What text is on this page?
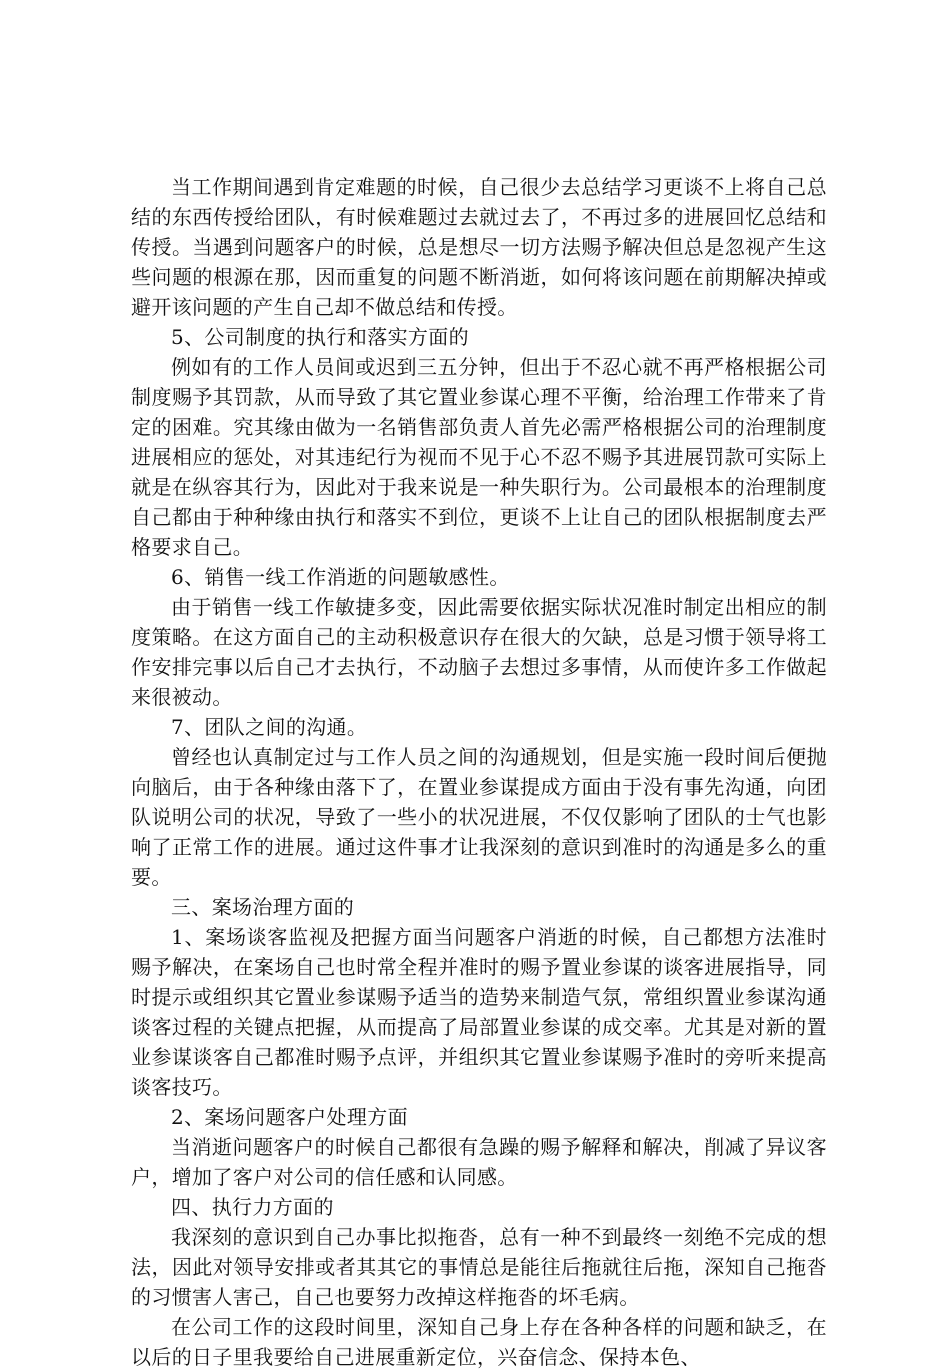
当工作期间遇到肯定难题的时候，自己很少去总结学习更谈不上将自己总结的东西传授给团队，有时候难题过去就过去了，不再过多的进展回忆总结和传授。当遇到问题客户的时候，总是想尽一切方法赐予解决但总是忽视产生这些问题的根源在那，因而重复的问题不断消逝，如何将该问题在前期解决掉或避开该问题的产生自己却不做总结和传授。

5、公司制度的执行和落实方面的

例如有的工作人员间或迟到三五分钟，但出于不忍心就不再严格根据公司制度赐予其罚款，从而导致了其它置业参谋心理不平衡，给治理工作带来了肯定的困难。究其缘由做为一名销售部负责人首先必需严格根据公司的治理制度进展相应的惩处，对其违纪行为视而不见于心不忍不赐予其进展罚款可实际上就是在纵容其行为，因此对于我来说是一种失职行为。公司最根本的治理制度自己都由于种种缘由执行和落实不到位，更谈不上让自己的团队根据制度去严格要求自己。

6、销售一线工作消逝的问题敏感性。

由于销售一线工作敏捷多变，因此需要依据实际状况准时制定出相应的制度策略。在这方面自己的主动积极意识存在很大的欠缺，总是习惯于领导将工作安排完事以后自己才去执行，不动脑子去想过多事情，从而使许多工作做起来很被动。

7、团队之间的沟通。

曾经也认真制定过与工作人员之间的沟通规划，但是实施一段时间后便抛向脑后，由于各种缘由落下了，在置业参谋提成方面由于没有事先沟通，向团队说明公司的状况，导致了一些小的状况进展，不仅仅影响了团队的士气也影响了正常工作的进展。通过这件事才让我深刻的意识到准时的沟通是多么的重要。

三、案场治理方面的

1、案场谈客监视及把握方面当问题客户消逝的时候，自己都想方法准时赐予解决，在案场自己也时常全程并准时的赐予置业参谋的谈客进展指导，同时提示或组织其它置业参谋赐予适当的造势来制造气氛，常组织置业参谋沟通谈客过程的关键点把握，从而提高了局部置业参谋的成交率。尤其是对新的置业参谋谈客自己都准时赐予点评，并组织其它置业参谋赐予准时的旁听来提高谈客技巧。

2、案场问题客户处理方面

当消逝问题客户的时候自己都很有急躁的赐予解释和解决，削减了异议客户，增加了客户对公司的信任感和认同感。

四、执行力方面的

我深刻的意识到自己办事比拟拖沓，总有一种不到最终一刻绝不完成的想法，因此对领导安排或者其其它的事情总是能往后拖就往后拖，深知自己拖沓的习惯害人害己，自己也要努力改掉这样拖沓的坏毛病。

在公司工作的这段时间里，深知自己身上存在各种各样的问题和缺乏，在以后的日子里我要给自己进展重新定位，兴奋信念、保持本色、
